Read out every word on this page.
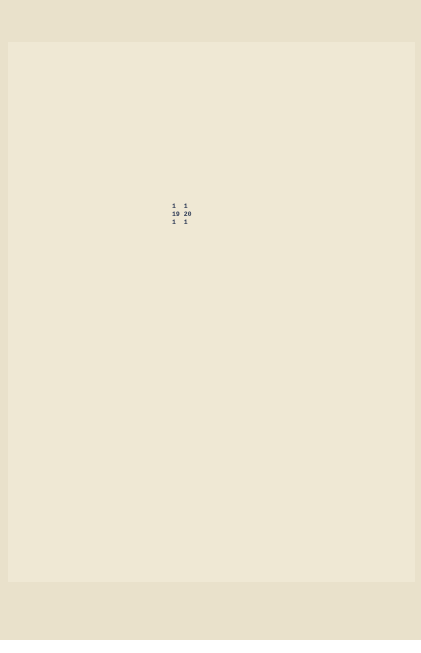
1  1
19 20
1  1
